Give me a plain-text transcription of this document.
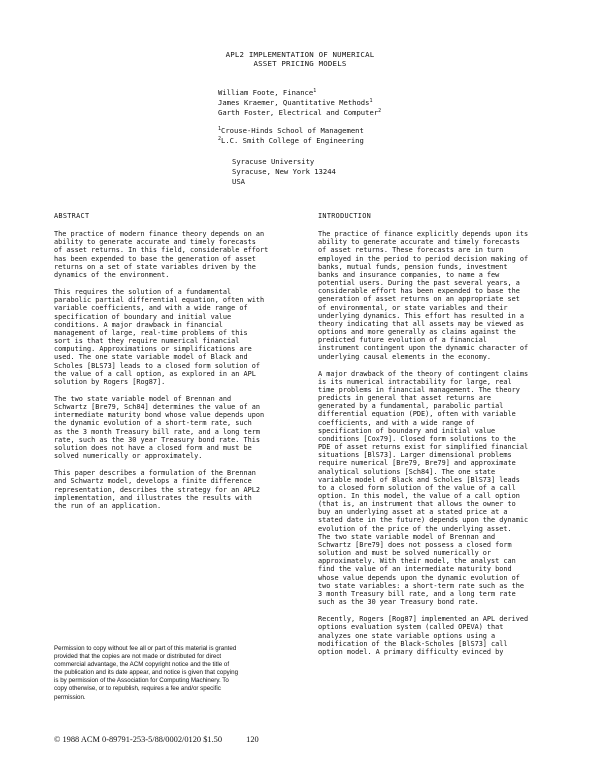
APL2 IMPLEMENTATION OF NUMERICAL
ASSET PRICING MODELS
William Foote, Finance$^1$
James Kraemer, Quantitative Methods$^1$
Garth Foster, Electrical and Computer$^2$
$^1$Crouse-Hinds School of Management
$^2$L.C. Smith College of Engineering
Syracuse University
Syracuse, New York 13244
USA
ABSTRACT

The practice of modern finance theory depends on an
ability to generate accurate and timely forecasts
of asset returns. In this field, considerable effort
has been expended to base the generation of asset
returns on a set of state variables driven by the
dynamics of the environment.

This requires the solution of a fundamental
parabolic partial differential equation, often with
variable coefficients, and with a wide range of
specification of boundary and initial value
conditions. A major drawback in financial
management of large, real-time problems of this
sort is that they require numerical financial
computing. Approximations or simplifications are
used. The one state variable model of Black and
Scholes [BLS73] leads to a closed form solution of
the value of a call option, as explored in an APL
solution by Rogers [Rog87].

The two state variable model of Brennan and
Schwartz [Bre79, Sch84] determines the value of an
intermediate maturity bond whose value depends upon
the dynamic evolution of a short-term rate, such
as the 3 month Treasury bill rate, and a long term
rate, such as the 30 year Treasury bond rate. This
solution does not have a closed form and must be
solved numerically or approximately.

This paper describes a formulation of the Brennan
and Schwartz model, develops a finite difference
representation, describes the strategy for an APL2
implementation, and illustrates the results with
the run of an application.

INTRODUCTION

The practice of finance explicitly depends upon its
ability to generate accurate and timely forecasts
of asset returns. These forecasts are in turn
employed in the period to period decision making of
banks, mutual funds, pension funds, investment
banks and insurance companies, to name a few
potential users. During the past several years, a
considerable effort has been expended to base the
generation of asset returns on an appropriate set
of environmental, or state variables and their
underlying dynamics. This effort has resulted in a
theory indicating that all assets may be viewed as
options and more generally as claims against the
predicted future evolution of a financial
instrument contingent upon the dynamic character of
underlying causal elements in the economy.

A major drawback of the theory of contingent claims
is its numerical intractability for large, real
time problems in financial management. The theory
predicts in general that asset returns are
generated by a fundamental, parabolic partial
differential equation (PDE), often with variable
coefficients, and with a wide range of
specification of boundary and initial value
conditions [Cox79]. Closed form solutions to the
PDE of asset returns exist for simplified financial
situations [BlS73]. Larger dimensional problems
require numerical [Bre79, Bre79] and approximate
analytical solutions [Sch84]. The one state
variable model of Black and Scholes [BlS73] leads
to a closed form solution of the value of a call
option. In this model, the value of a call option
(that is, an instrument that allows the owner to
buy an underlying asset at a stated price at a
stated date in the future) depends upon the dynamic
evolution of the price of the underlying asset.
The two state variable model of Brennan and
Schwartz [Bre79] does not possess a closed form
solution and must be solved numerically or
approximately. With their model, the analyst can
find the value of an intermediate maturity bond
whose value depends upon the dynamic evolution of
two state variables: a short-term rate such as the
3 month Treasury bill rate, and a long term rate
such as the 30 year Treasury bond rate.

Recently, Rogers [Rog87] implemented an APL derived
options evaluation system (called OPEVA) that
analyzes one state variable options using a
modification of the Black-Scholes [BlS73] call
option model. A primary difficulty evinced by

Permission to copy without fee all or part of this material is granted
provided that the copies are not made or distributed for direct
commercial advantage, the ACM copyright notice and the title of
the publication and its date appear, and notice is given that copying
is by permission of the Association for Computing Machinery. To
copy otherwise, or to republish, requires a fee and/or specific
permission.
© 1988 ACM 0-89791-253-5/88/0002/0120 $1.50	120
